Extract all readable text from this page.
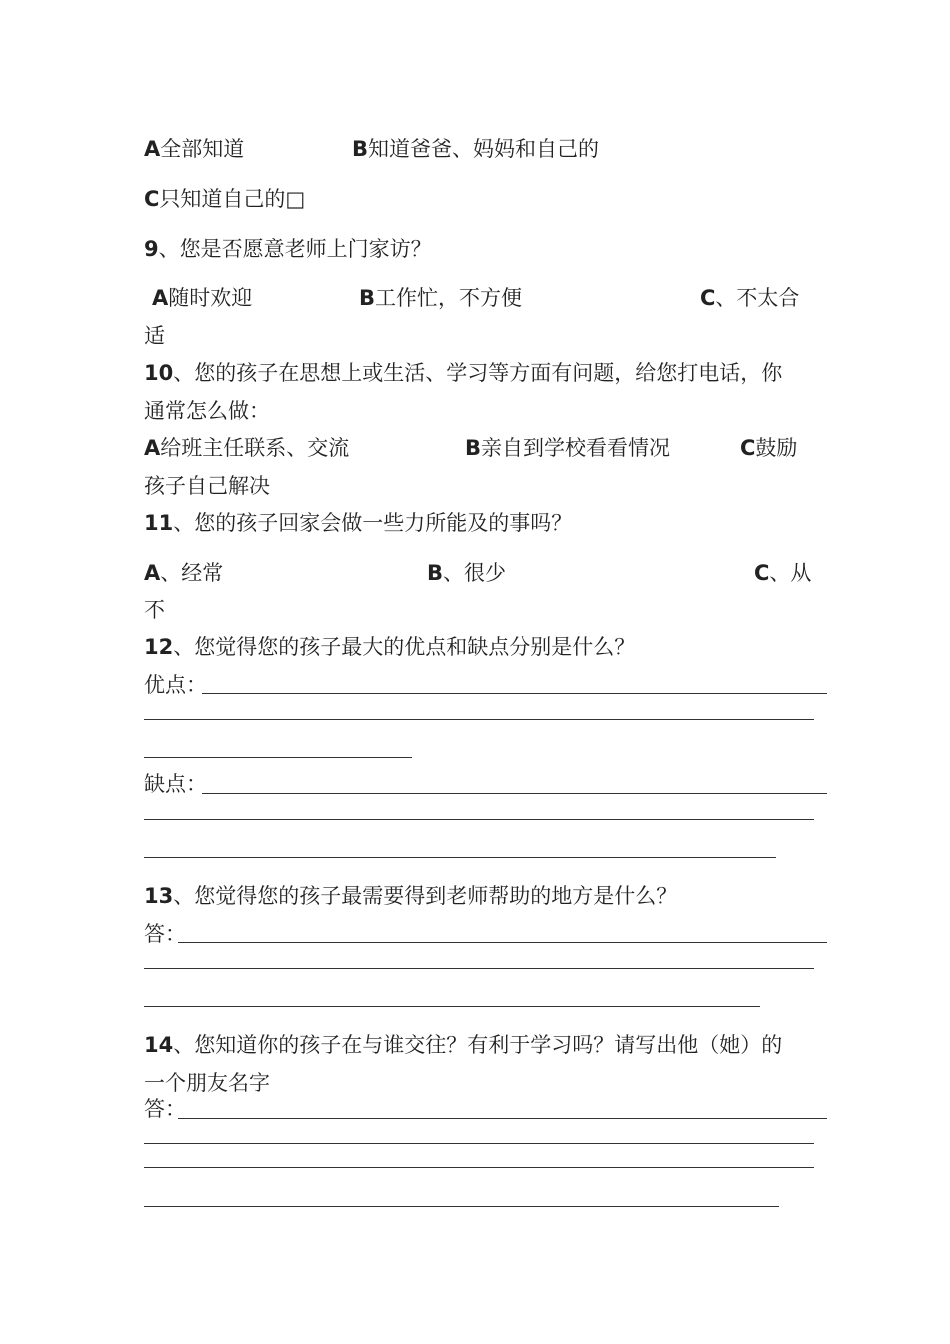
A全部知道	B知道爸爸、妈妈和自己的
C只知道自己的□
9、您是否愿意老师上门家访？
A随时欢迎	B工作忙，不方便	C、不太合
适
10、您的孩子在思想上或生活、学习等方面有问题，给您打电话，你
通常怎么做：
A给班主任联系、交流	B亲自到学校看看情况	C鼓励
孩子自己解决
11、您的孩子回家会做一些力所能及的事吗？
A、经常	B、很少	C、从
不
12、您觉得您的孩子最大的优点和缺点分别是什么？
优点：
缺点：
13、您觉得您的孩子最需要得到老师帮助的地方是什么？
答：
14、您知道你的孩子在与谁交往？有利于学习吗？请写出他（她）的
一个朋友名字
答：
